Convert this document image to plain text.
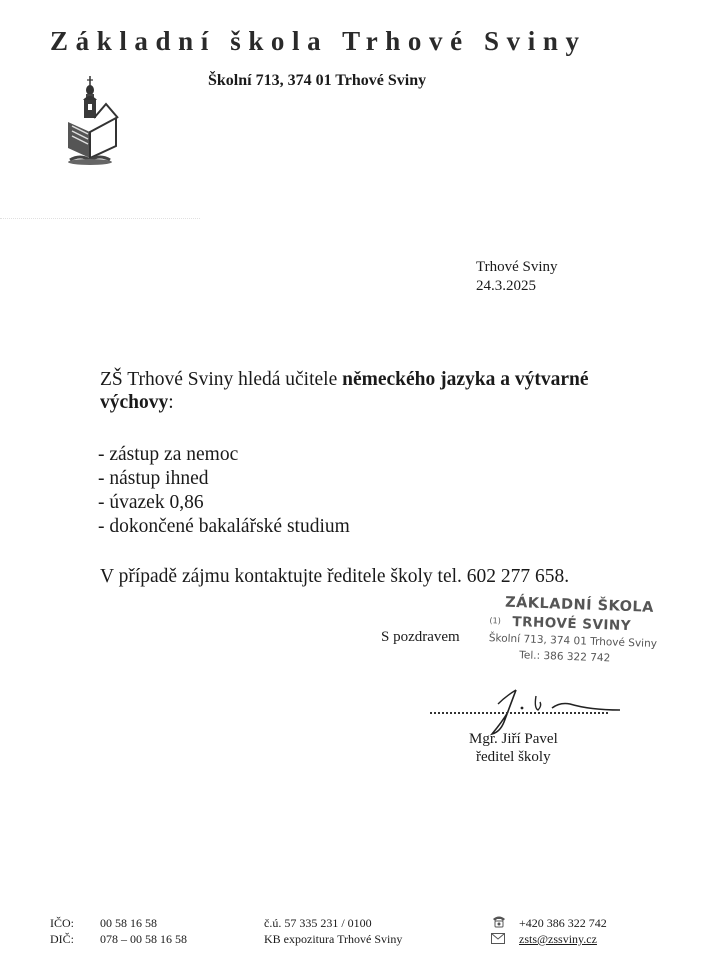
Základní škola Trhové Sviny
Školní 713, 374 01 Trhové Sviny
Trhové Sviny
24.3.2025
ZŠ Trhové Sviny hledá učitele německého jazyka a výtvarné
výchovy:
- zástup za nemoc
- nástup ihned
- úvazek 0,86
- dokončené bakalářské studium
V případě zájmu kontaktujte ředitele školy tel. 602 277 658.
S pozdravem
ZÁKLADNÍ ŠKOLA
(1) TRHOVÉ SVINY
Školní 713, 374 01 Trhové Sviny
Tel.: 386 322 742
Mgr. Jiří Pavel
ředitel školy
IČO: 00 58 16 58
DIČ: 078 – 00 58 16 58
č.ú. 57 335 231 / 0100
KB expozitura Trhové Sviny
+420 386 322 742
zsts@zssviny.cz
